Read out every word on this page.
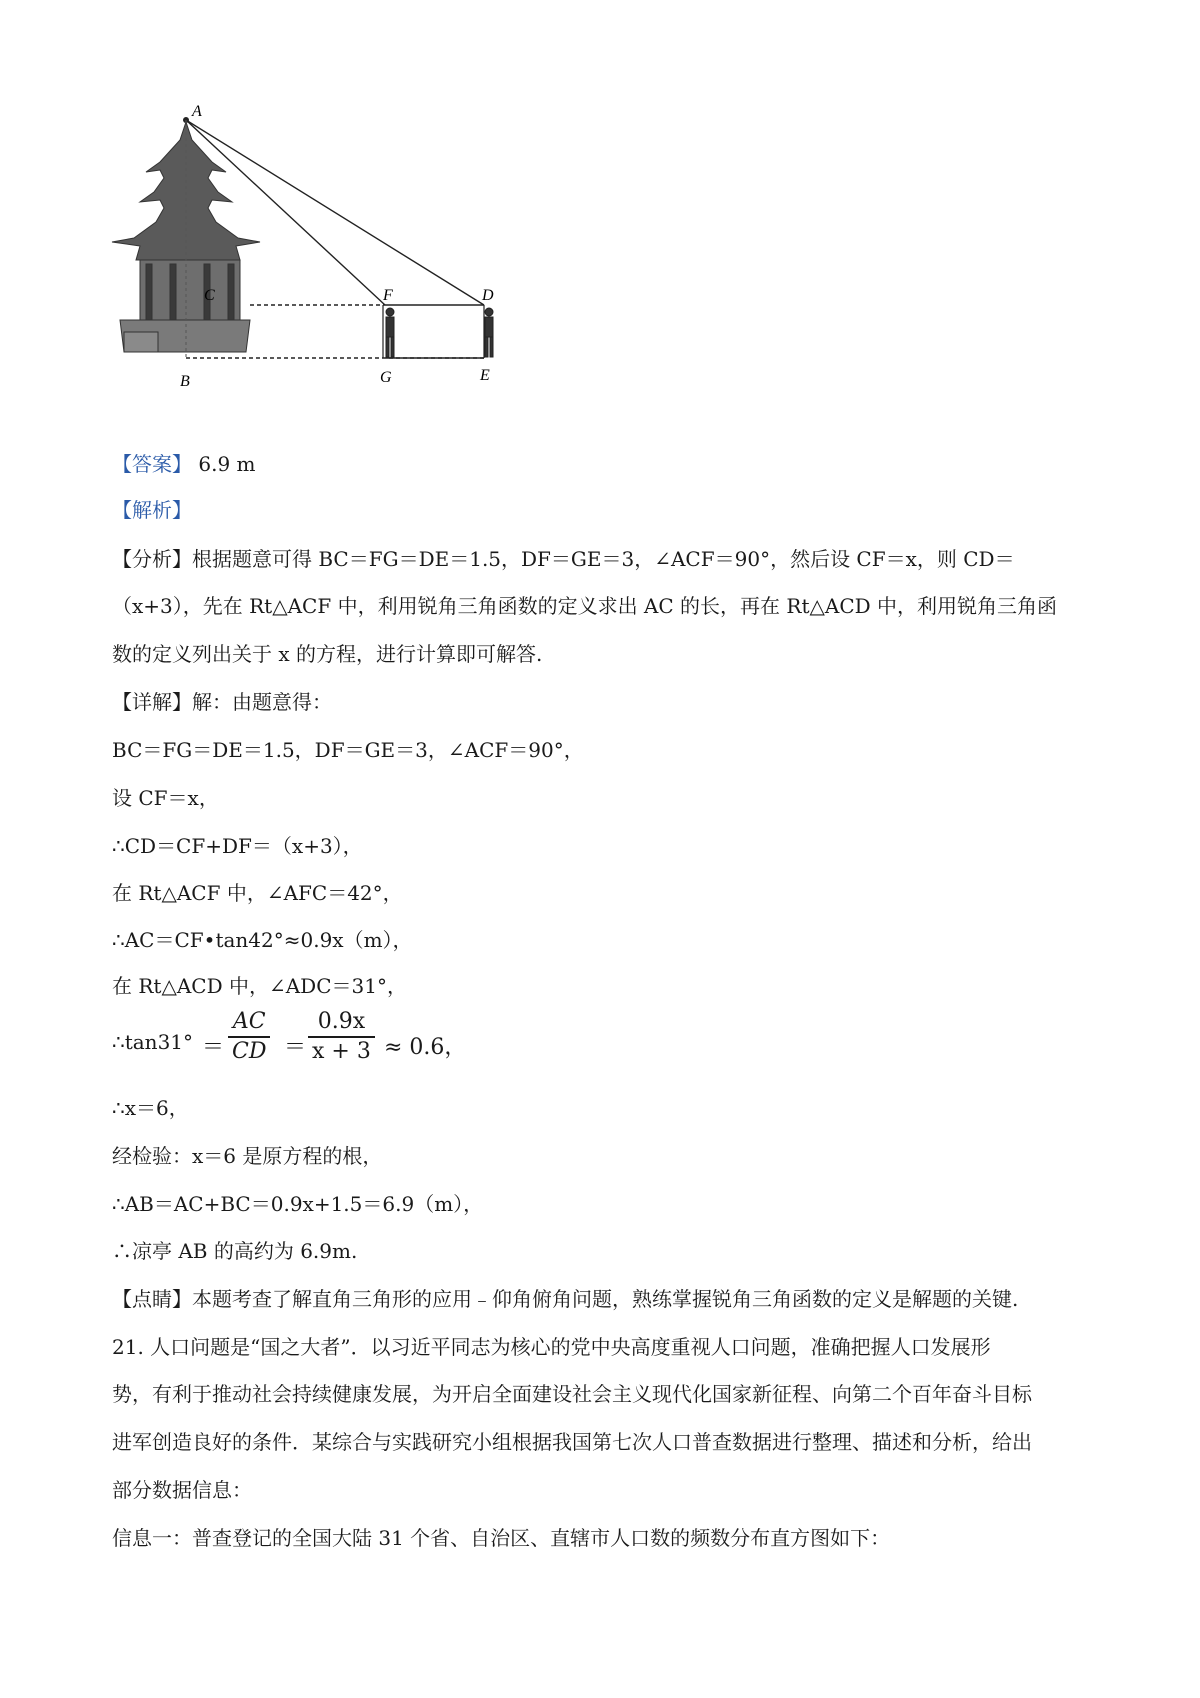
A
B
C	D
E
F
G
【答案】 6.9 m
【解析】
【分析】根据题意可得 BC＝FG＝DE＝1.5，DF＝GE＝3，∠ACF＝90°，然后设 CF＝x，则 CD＝
（x+3），先在 Rt△ACF 中，利用锐角三角函数的定义求出 AC 的长，再在 Rt△ACD 中，利用锐角三角函
数的定义列出关于 x 的方程，进行计算即可解答.
【详解】解：由题意得：
BC＝FG＝DE＝1.5，DF＝GE＝3，∠ACF＝90°，
设 CF＝x，
∴CD＝CF+DF＝（x+3），
在 Rt△ACF 中，∠AFC＝42°，
∴AC＝CF•tan42°≈0.9x（m），
在 Rt△ACD 中，∠ADC＝31°，
∴tan31° ＝
AC
CD ＝
0.9x
x + 3 ≈ 0.6，
∴x＝6，
经检验：x＝6 是原方程的根，
∴AB＝AC+BC＝0.9x+1.5＝6.9（m），
∴凉亭 AB 的高约为 6.9m.
【点睛】本题考查了解直角三角形的应用﹣仰角俯角问题，熟练掌握锐角三角函数的定义是解题的关键.
21. 人口问题是“国之大者”．以习近平同志为核心的党中央高度重视人口问题，准确把握人口发展形
势，有利于推动社会持续健康发展，为开启全面建设社会主义现代化国家新征程、向第二个百年奋斗目标
进军创造良好的条件．某综合与实践研究小组根据我国第七次人口普查数据进行整理、描述和分析，给出
部分数据信息：
信息一：普查登记的全国大陆 31 个省、自治区、直辖市人口数的频数分布直方图如下：
